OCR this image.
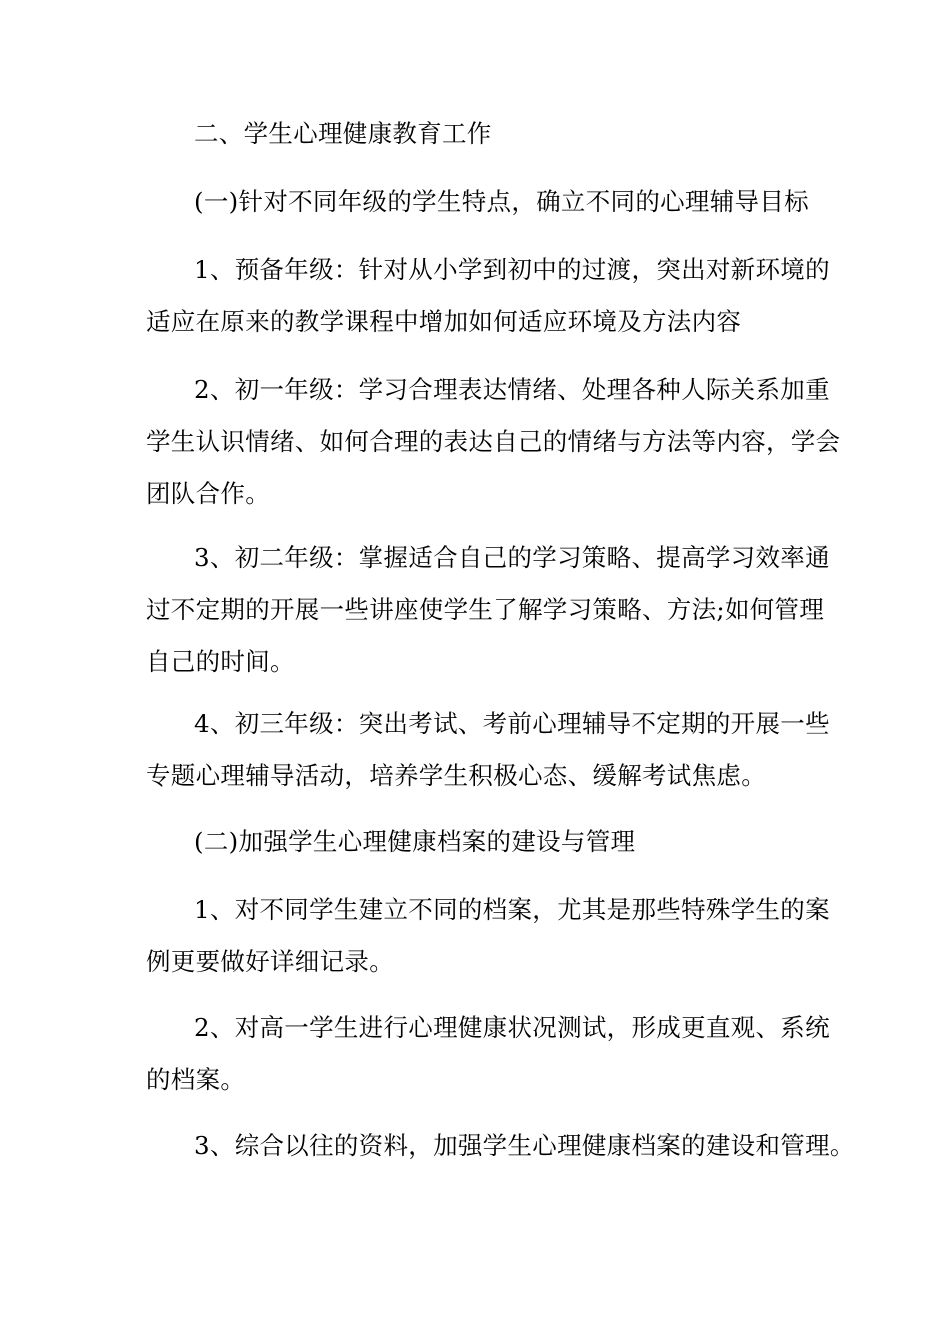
二、学生心理健康教育工作

(一)针对不同年级的学生特点，确立不同的心理辅导目标

1、预备年级：针对从小学到初中的过渡，突出对新环境的
适应在原来的教学课程中增加如何适应环境及方法内容

2、初一年级：学习合理表达情绪、处理各种人际关系加重
学生认识情绪、如何合理的表达自己的情绪与方法等内容，学会
团队合作。

3、初二年级：掌握适合自己的学习策略、提高学习效率通
过不定期的开展一些讲座使学生了解学习策略、方法;如何管理
自己的时间。

4、初三年级：突出考试、考前心理辅导不定期的开展一些
专题心理辅导活动，培养学生积极心态、缓解考试焦虑。

(二)加强学生心理健康档案的建设与管理

1、对不同学生建立不同的档案，尤其是那些特殊学生的案
例更要做好详细记录。

2、对高一学生进行心理健康状况测试，形成更直观、系统
的档案。

3、综合以往的资料，加强学生心理健康档案的建设和管理。
